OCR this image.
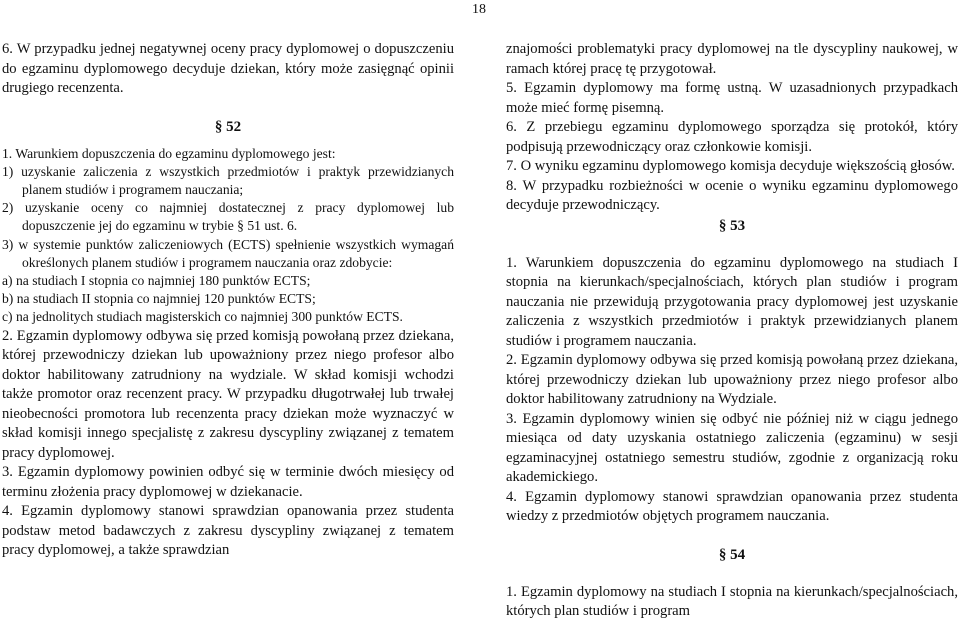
18

6. W przypadku jednej negatywnej oceny pracy dyplomowej o dopuszczeniu do egzaminu dyplomowego decyduje dziekan, który może zasięgnąć opinii drugiego recenzenta.

§ 52

1. Warunkiem dopuszczenia do egzaminu dyplomowego jest:

1) uzyskanie zaliczenia z wszystkich przedmiotów i praktyk przewidzianych planem studiów i programem nauczania;

2) uzyskanie oceny co najmniej dostatecznej z pracy dyplomowej lub dopuszczenie jej do egzaminu w trybie § 51 ust. 6.

3) w systemie punktów zaliczeniowych (ECTS) spełnienie wszystkich wymagań określonych planem studiów i programem nauczania oraz zdobycie:

a) na studiach I stopnia co najmniej 180 punktów ECTS;

b) na studiach II stopnia co najmniej 120 punktów ECTS;

c) na jednolitych studiach magisterskich co najmniej 300 punktów ECTS.

2. Egzamin dyplomowy odbywa się przed komisją powołaną przez dziekana, której przewodniczy dziekan lub upoważniony przez niego profesor albo doktor habilitowany zatrudniony na wydziale. W skład komisji wchodzi także promotor oraz recenzent pracy. W przypadku długotrwałej lub trwałej nieobecności promotora lub recenzenta pracy dziekan może wyznaczyć w skład komisji innego specjalistę z zakresu dyscypliny związanej z tematem pracy dyplomowej.

3. Egzamin dyplomowy powinien odbyć się w terminie dwóch miesięcy od terminu złożenia pracy dyplomowej w dziekanacie.

4. Egzamin dyplomowy stanowi sprawdzian opanowania przez studenta podstaw metod badawczych z zakresu dyscypliny związanej z tematem pracy dyplomowej, a także sprawdzian

znajomości problematyki pracy dyplomowej na tle dyscypliny naukowej, w ramach której pracę tę przygotował.

5. Egzamin dyplomowy ma formę ustną. W uzasadnionych przypadkach może mieć formę pisemną.

6. Z przebiegu egzaminu dyplomowego sporządza się protokół, który podpisują przewodniczący oraz członkowie komisji.

7. O wyniku egzaminu dyplomowego komisja decyduje większością głosów.

8. W przypadku rozbieżności w ocenie o wyniku egzaminu dyplomowego decyduje przewodniczący.

§ 53

1. Warunkiem dopuszczenia do egzaminu dyplomowego na studiach I stopnia na kierunkach/specjalnościach, których plan studiów i program nauczania nie przewidują przygotowania pracy dyplomowej jest uzyskanie zaliczenia z wszystkich przedmiotów i praktyk przewidzianych planem studiów i programem nauczania.

2. Egzamin dyplomowy odbywa się przed komisją powołaną przez dziekana, której przewodniczy dziekan lub upoważniony przez niego profesor albo doktor habilitowany zatrudniony na Wydziale.

3. Egzamin dyplomowy winien się odbyć nie później niż w ciągu jednego miesiąca od daty uzyskania ostatniego zaliczenia (egzaminu) w sesji egzaminacyjnej ostatniego semestru studiów, zgodnie z organizacją roku akademickiego.

4. Egzamin dyplomowy stanowi sprawdzian opanowania przez studenta wiedzy z przedmiotów objętych programem nauczania.

§ 54

1. Egzamin dyplomowy na studiach I stopnia na kierunkach/specjalnościach, których plan studiów i program
